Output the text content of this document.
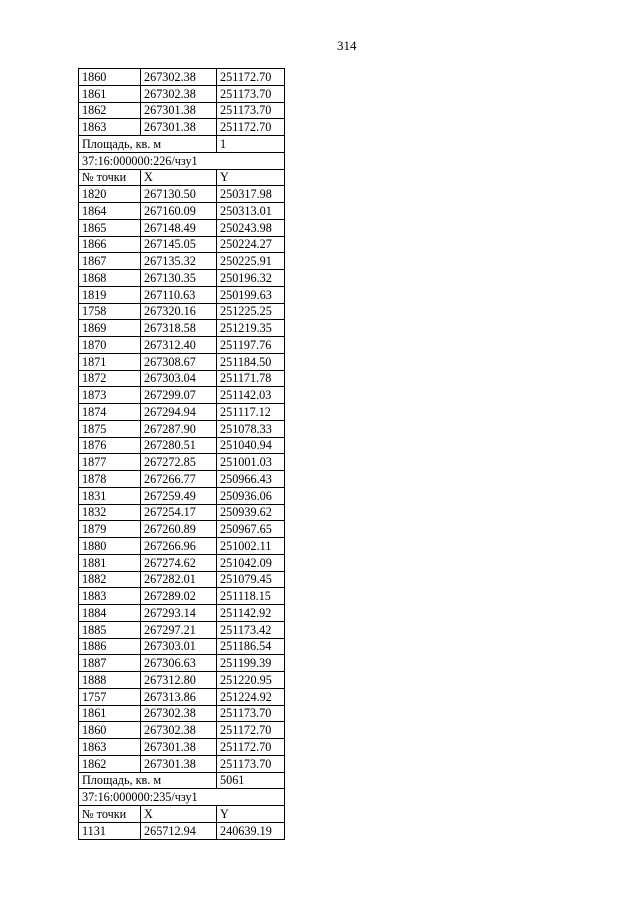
314
1860	267302.38	251172.70
1861	267302.38	251173.70
1862	267301.38	251173.70
1863	267301.38	251172.70
Площадь, кв. м		1
37:16:000000:226/чзу1		
№ точки	X	Y
1820	267130.50	250317.98
1864	267160.09	250313.01
1865	267148.49	250243.98
1866	267145.05	250224.27
1867	267135.32	250225.91
1868	267130.35	250196.32
1819	267110.63	250199.63
1758	267320.16	251225.25
1869	267318.58	251219.35
1870	267312.40	251197.76
1871	267308.67	251184.50
1872	267303.04	251171.78
1873	267299.07	251142.03
1874	267294.94	251117.12
1875	267287.90	251078.33
1876	267280.51	251040.94
1877	267272.85	251001.03
1878	267266.77	250966.43
1831	267259.49	250936.06
1832	267254.17	250939.62
1879	267260.89	250967.65
1880	267266.96	251002.11
1881	267274.62	251042.09
1882	267282.01	251079.45
1883	267289.02	251118.15
1884	267293.14	251142.92
1885	267297.21	251173.42
1886	267303.01	251186.54
1887	267306.63	251199.39
1888	267312.80	251220.95
1757	267313.86	251224.92
1861	267302.38	251173.70
1860	267302.38	251172.70
1863	267301.38	251172.70
1862	267301.38	251173.70
Площадь, кв. м		5061
37:16:000000:235/чзу1		
№ точки	X	Y
1131	265712.94	240639.19
